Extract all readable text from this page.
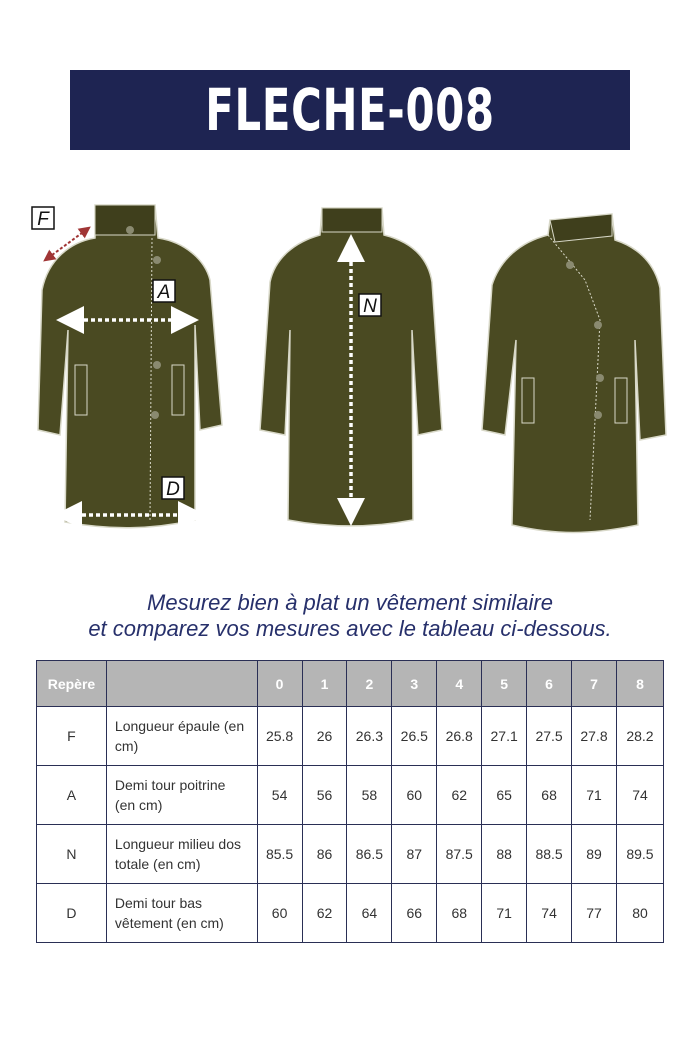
FLECHE-008
F
A
N
D
Mesurez bien à plat un vêtement similaire
et comparez vos mesures avec le tableau ci-dessous.
Repère		0	1	2	3	4	5	6	7	8
F	Longueur épaule (en cm)	25.8	26	26.3	26.5	26.8	27.1	27.5	27.8	28.2
A	Demi tour poitrine (en cm)	54	56	58	60	62	65	68	71	74
N	Longueur milieu dos totale (en cm)	85.5	86	86.5	87	87.5	88	88.5	89	89.5
D	Demi tour bas vêtement (en cm)	60	62	64	66	68	71	74	77	80
